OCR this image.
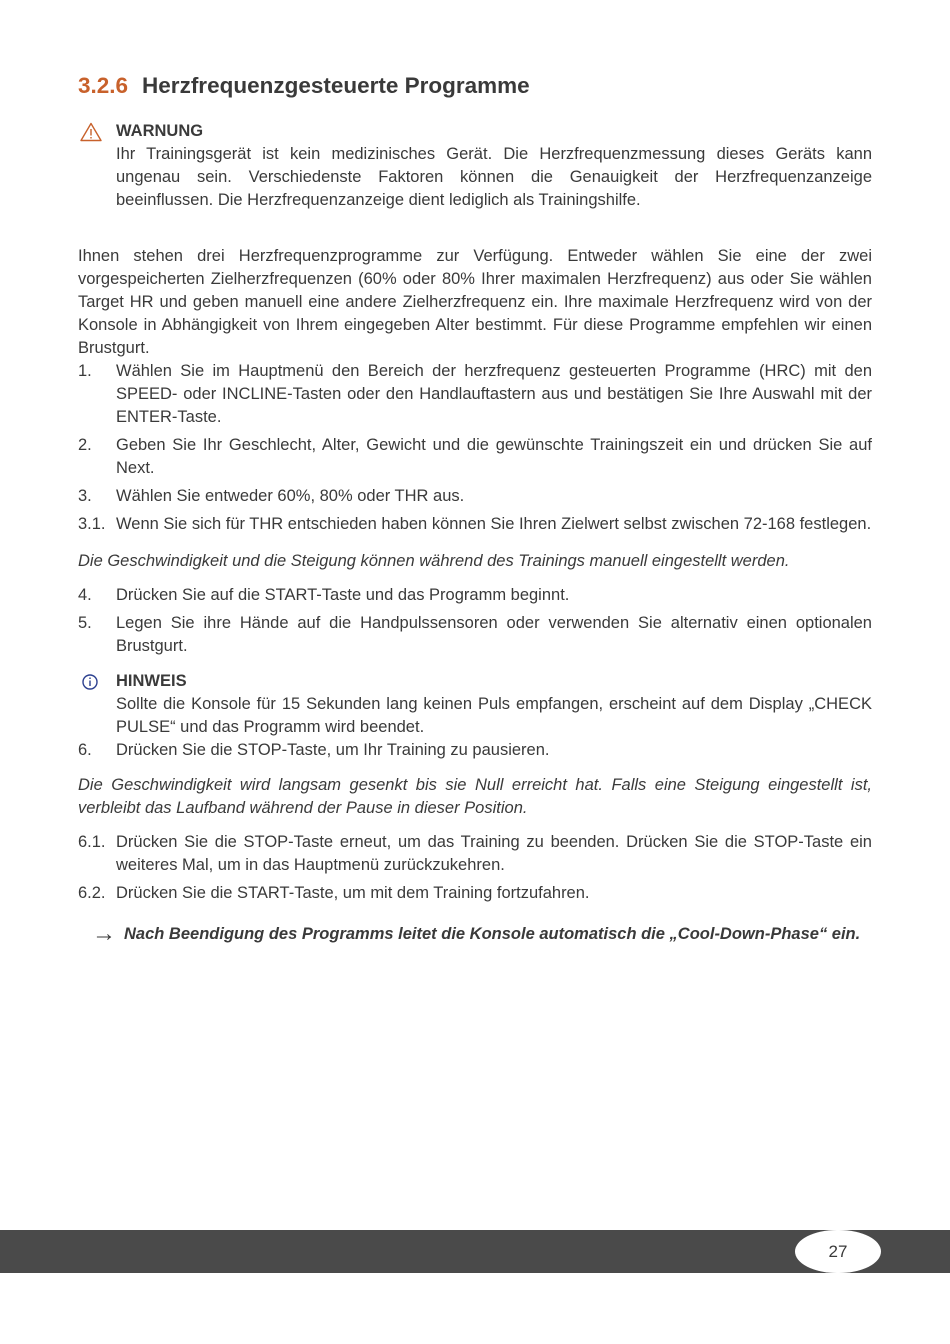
3.2.6 Herzfrequenzgesteuerte Programme
WARNUNG

Ihr Trainingsgerät ist kein medizinisches Gerät. Die Herzfrequenzmessung dieses Geräts kann ungenau sein. Verschiedenste Faktoren können die Genauigkeit der Herzfrequenzanzeige beeinflussen. Die Herzfrequenzanzeige dient lediglich als Trainingshilfe.

Ihnen stehen drei Herzfrequenzprogramme zur Verfügung. Entweder wählen Sie eine der zwei vorgespeicherten Zielherzfrequenzen (60% oder 80% Ihrer maximalen Herzfrequenz) aus oder Sie wählen Target HR und geben manuell eine andere Zielherzfrequenz ein. Ihre maximale Herzfrequenz wird von der Konsole in Abhängigkeit von Ihrem eingegeben Alter bestimmt. Für diese Programme empfehlen wir einen Brustgurt.

1. Wählen Sie im Hauptmenü den Bereich der herzfrequenz gesteuerten Programme (HRC) mit den SPEED- oder INCLINE-Tasten oder den Handlauftastern aus und bestätigen Sie Ihre Auswahl mit der ENTER-Taste.
2. Geben Sie Ihr Geschlecht, Alter, Gewicht und die gewünschte Trainingszeit ein und drücken Sie auf Next.
3. Wählen Sie entweder 60%, 80% oder THR aus.
3.1. Wenn Sie sich für THR entschieden haben können Sie Ihren Zielwert selbst zwischen 72-168 festlegen.

Die Geschwindigkeit und die Steigung können während des Trainings manuell eingestellt werden.

4. Drücken Sie auf die START-Taste und das Programm beginnt.
5. Legen Sie ihre Hände auf die Handpulssensoren oder verwenden Sie alternativ einen optionalen Brustgurt.
HINWEIS

Sollte die Konsole für 15 Sekunden lang keinen Puls empfangen, erscheint auf dem Display „CHECK PULSE“ und das Programm wird beendet.

6. Drücken Sie die STOP-Taste, um Ihr Training zu pausieren.

Die Geschwindigkeit wird langsam gesenkt bis sie Null erreicht hat. Falls eine Steigung eingestellt ist, verbleibt das Laufband während der Pause in dieser Position.

6.1. Drücken Sie die STOP-Taste erneut, um das Training zu beenden. Drücken Sie die STOP-Taste ein weiteres Mal, um in das Hauptmenü zurückzukehren.
6.2. Drücken Sie die START-Taste, um mit dem Training fortzufahren.

→ Nach Beendigung des Programms leitet die Konsole automatisch die „Cool-Down-Phase“ ein.

27
